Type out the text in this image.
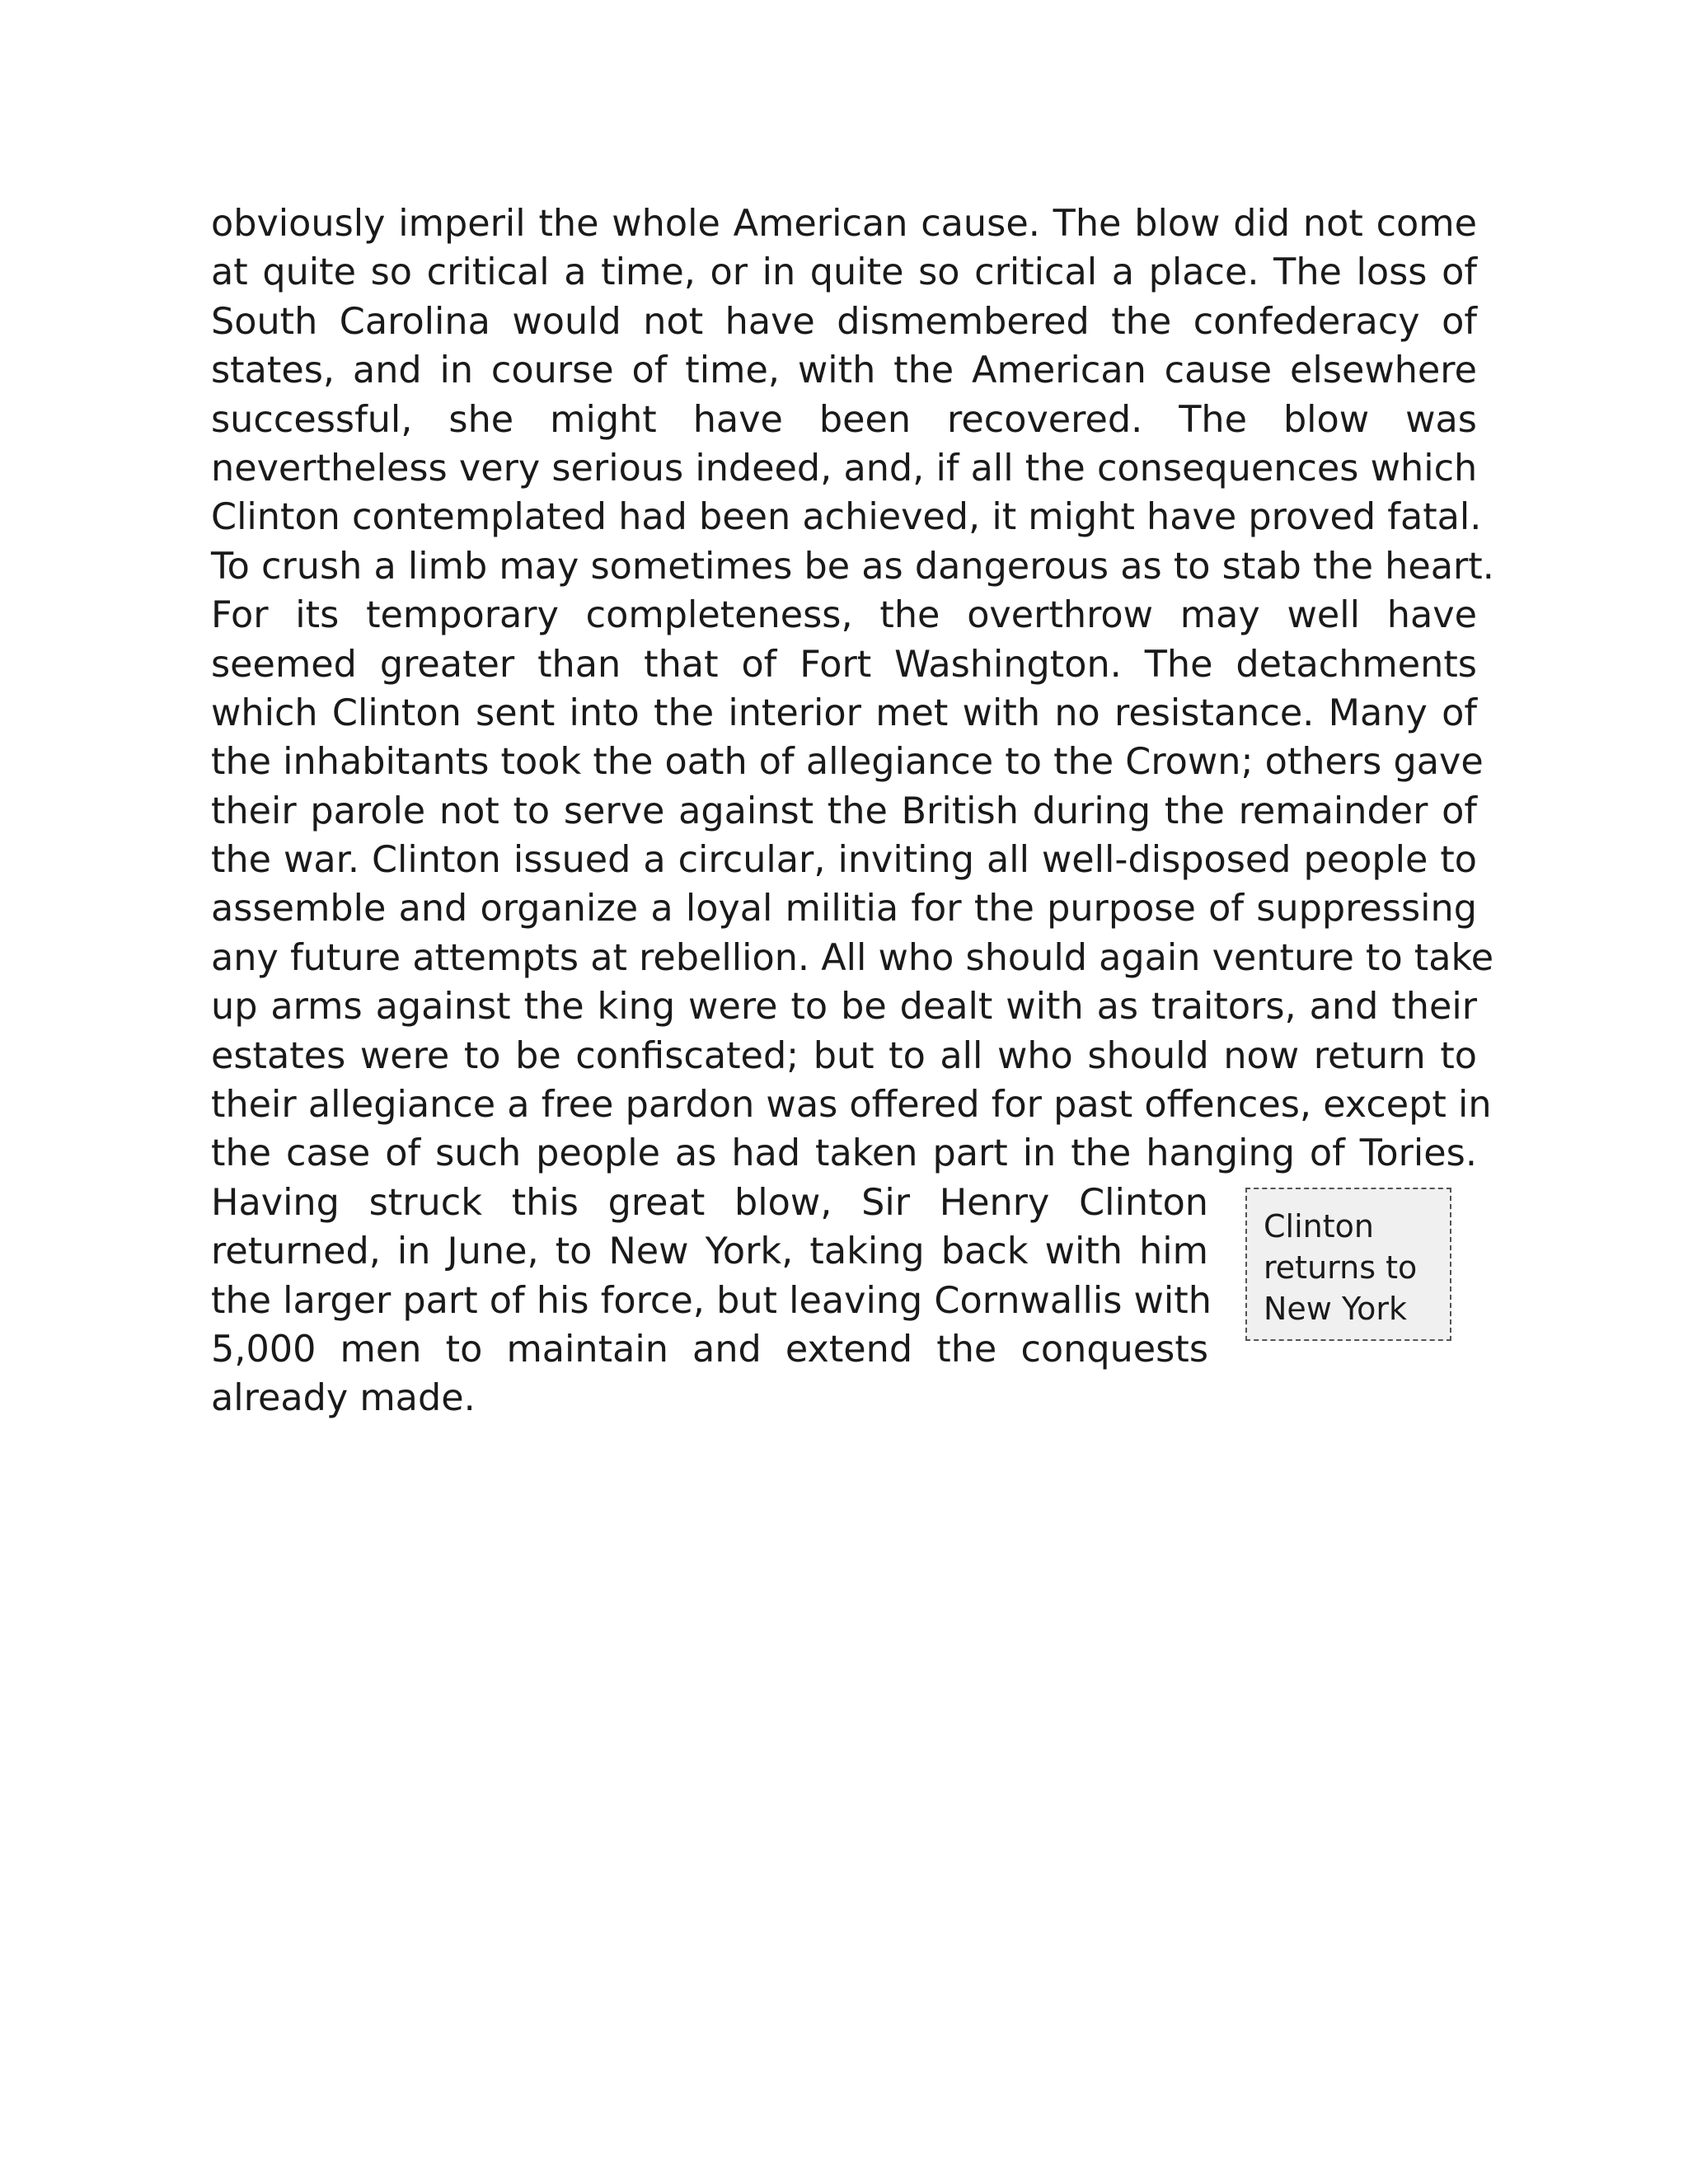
obviously imperil the whole American cause. The blow did not come
at quite so critical a time, or in quite so critical a place. The loss of
South Carolina would not have dismembered the confederacy of
states, and in course of time, with the American cause elsewhere
successful, she might have been recovered. The blow was
nevertheless very serious indeed, and, if all the consequences which
Clinton contemplated had been achieved, it might have proved fatal.
To crush a limb may sometimes be as dangerous as to stab the heart.
For its temporary completeness, the overthrow may well have
seemed greater than that of Fort Washington. The detachments
which Clinton sent into the interior met with no resistance. Many of
the inhabitants took the oath of allegiance to the Crown; others gave
their parole not to serve against the British during the remainder of
the war. Clinton issued a circular, inviting all well-disposed people to
assemble and organize a loyal militia for the purpose of suppressing
any future attempts at rebellion. All who should again venture to take
up arms against the king were to be dealt with as traitors, and their
estates were to be confiscated; but to all who should now return to
their allegiance a free pardon was offered for past offences, except in
the case of such people as had taken part in the hanging of Tories.
Having struck this great blow, Sir Henry Clinton
returned, in June, to New York, taking back with him
the larger part of his force, but leaving Cornwallis with
5,000 men to maintain and extend the conquests
already made.
Clinton
returns to
New York
